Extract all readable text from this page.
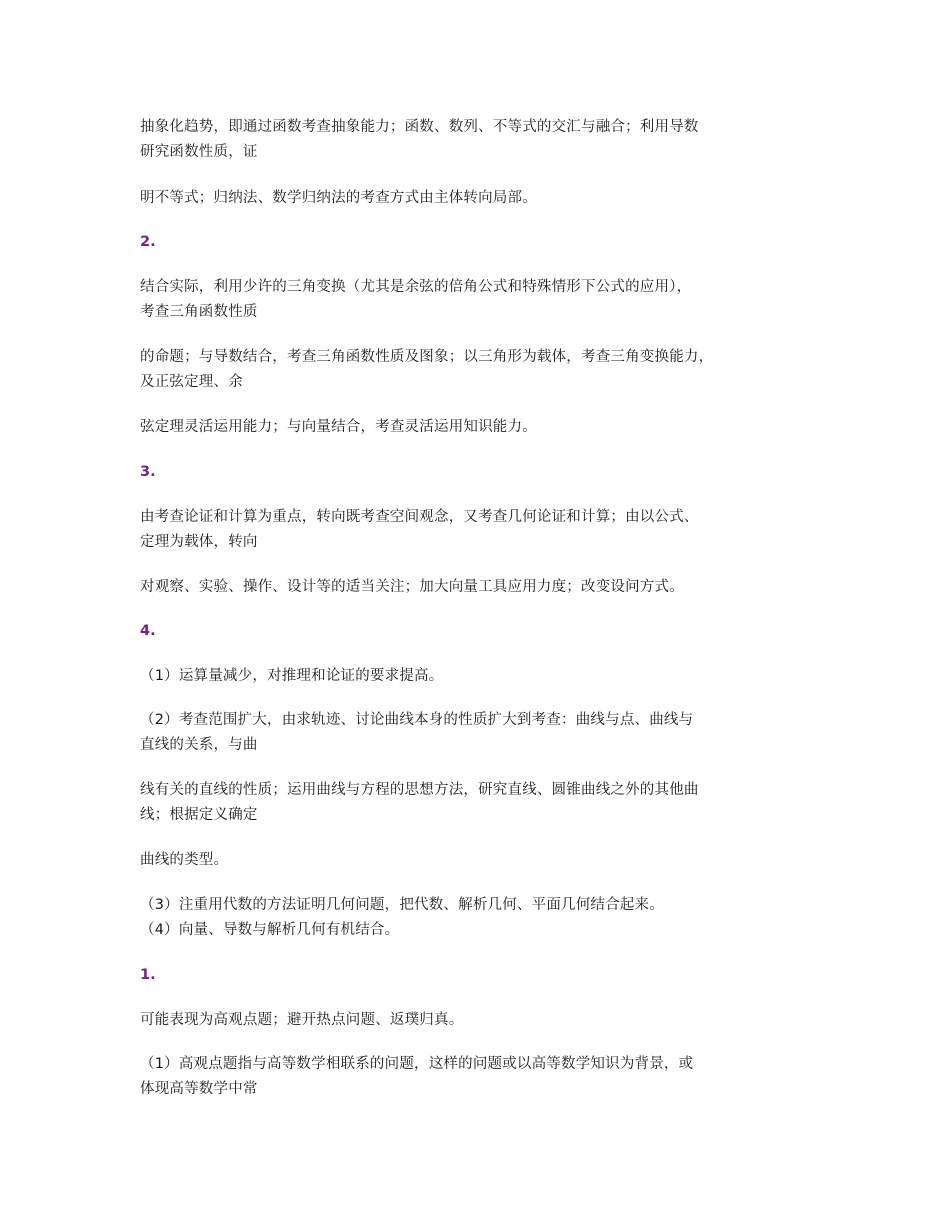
抽象化趋势，即通过函数考查抽象能力；函数、数列、不等式的交汇与融合；利用导数
研究函数性质，证
明不等式；归纳法、数学归纳法的考查方式由主体转向局部。
2.
结合实际，利用少许的三角变换（尤其是余弦的倍角公式和特殊情形下公式的应用），
考查三角函数性质
的命题；与导数结合，考查三角函数性质及图象；以三角形为载体，考查三角变换能力，
及正弦定理、余
弦定理灵活运用能力；与向量结合，考查灵活运用知识能力。
3.
由考查论证和计算为重点，转向既考查空间观念，又考查几何论证和计算；由以公式、
定理为载体，转向
对观察、实验、操作、设计等的适当关注；加大向量工具应用力度；改变设问方式。
4.
（1）运算量减少，对推理和论证的要求提高。
（2）考查范围扩大，由求轨迹、讨论曲线本身的性质扩大到考查：曲线与点、曲线与
直线的关系，与曲
线有关的直线的性质；运用曲线与方程的思想方法，研究直线、圆锥曲线之外的其他曲
线；根据定义确定
曲线的类型。
（3）注重用代数的方法证明几何问题，把代数、解析几何、平面几何结合起来。
（4）向量、导数与解析几何有机结合。
1.
可能表现为高观点题；避开热点问题、返璞归真。
（1）高观点题指与高等数学相联系的问题，这样的问题或以高等数学知识为背景，或
体现高等数学中常
